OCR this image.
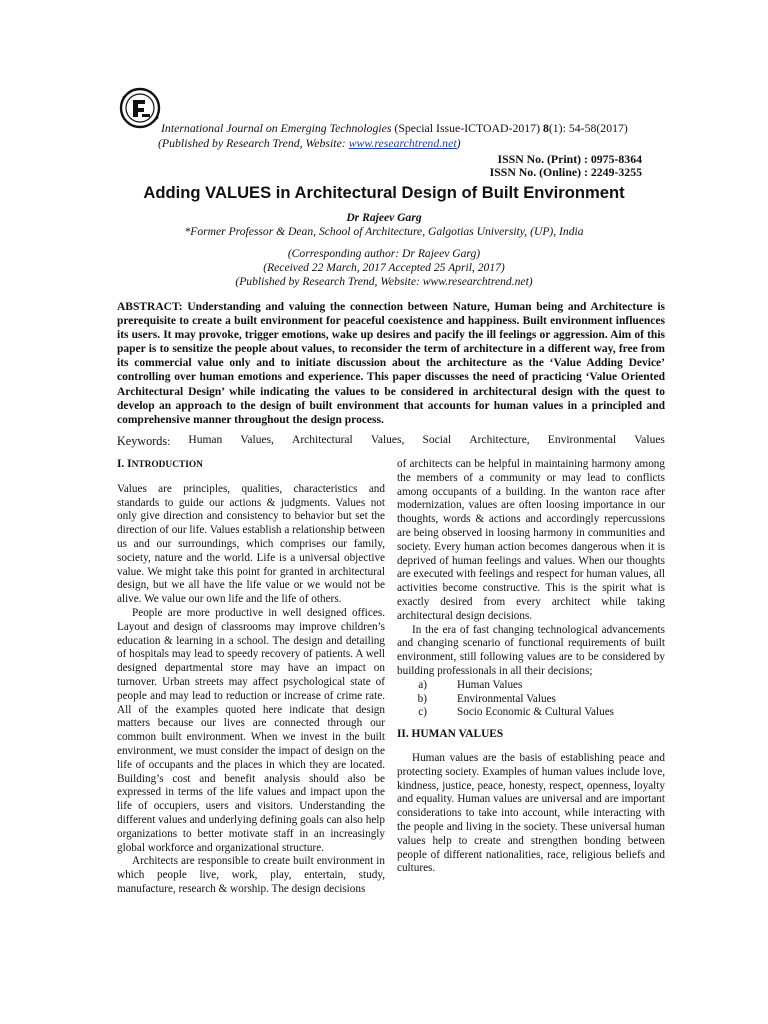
International Journal on Emerging Technologies (Special Issue-ICTOAD-2017) 8(1): 54-58(2017)
(Published by Research Trend, Website: www.researchtrend.net)
ISSN No. (Print) : 0975-8364
ISSN No. (Online) : 2249-3255
Adding VALUES in Architectural Design of Built Environment
Dr Rajeev Garg
*Former Professor & Dean, School of Architecture, Galgotias University, (UP), India
(Corresponding author: Dr Rajeev Garg)
(Received 22 March, 2017 Accepted 25 April, 2017)
(Published by Research Trend, Website: www.researchtrend.net)
ABSTRACT: Understanding and valuing the connection between Nature, Human being and Architecture is prerequisite to create a built environment for peaceful coexistence and happiness. Built environment influences its users. It may provoke, trigger emotions, wake up desires and pacify the ill feelings or aggression. Aim of this paper is to sensitize the people about values, to reconsider the term of architecture in a different way, free from its commercial value only and to initiate discussion about the architecture as the ‘Value Adding Device’ controlling over human emotions and experience. This paper discusses the need of practicing ‘Value Oriented Architectural Design’ while indicating the values to be considered in architectural design with the quest to develop an approach to the design of built environment that accounts for human values in a principled and comprehensive manner throughout the design process.
Keywords: Human Values, Architectural Values, Social Architecture, Environmental Values
I. INTRODUCTION

Values are principles, qualities, characteristics and standards to guide our actions & judgments. Values not only give direction and consistency to behavior but set the direction of our life. Values establish a relationship between us and our surroundings, which comprises our family, society, nature and the world. Life is a universal objective value. We might take this point for granted in architectural design, but we all have the life value or we would not be alive. We value our own life and the life of others.

People are more productive in well designed offices. Layout and design of classrooms may improve children’s education & learning in a school. The design and detailing of hospitals may lead to speedy recovery of patients. A well designed departmental store may have an impact on turnover. Urban streets may affect psychological state of people and may lead to reduction or increase of crime rate. All of the examples quoted here indicate that design matters because our lives are connected through our common built environment. When we invest in the built environment, we must consider the impact of design on the life of occupants and the places in which they are located. Building’s cost and benefit analysis should also be expressed in terms of the life values and impact upon the life of occupiers, users and visitors. Understanding the different values and underlying defining goals can also help organizations to better motivate staff in an increasingly global workforce and organizational structure.

Architects are responsible to create built environment in which people live, work, play, entertain, study, manufacture, research & worship. The design decisions

of architects can be helpful in maintaining harmony among the members of a community or may lead to conflicts among occupants of a building. In the wanton race after modernization, values are often loosing importance in our thoughts, words & actions and accordingly repercussions are being observed in loosing harmony in communities and society. Every human action becomes dangerous when it is deprived of human feelings and values. When our thoughts are executed with feelings and respect for human values, all activities become constructive. This is the spirit what is exactly desired from every architect while taking architectural design decisions.

In the era of fast changing technological advancements and changing scenario of functional requirements of built environment, still following values are to be considered by building professionals in all their decisions;

a)	Human Values
b)	Environmental Values
c)	Socio Economic & Cultural Values
II. HUMAN VALUES

Human values are the basis of establishing peace and protecting society. Examples of human values include love, kindness, justice, peace, honesty, respect, openness, loyalty and equality. Human values are universal and are important considerations to take into account, while interacting with the people and living in the society. These universal human values help to create and strengthen bonding between people of different nationalities, race, religious beliefs and cultures.
